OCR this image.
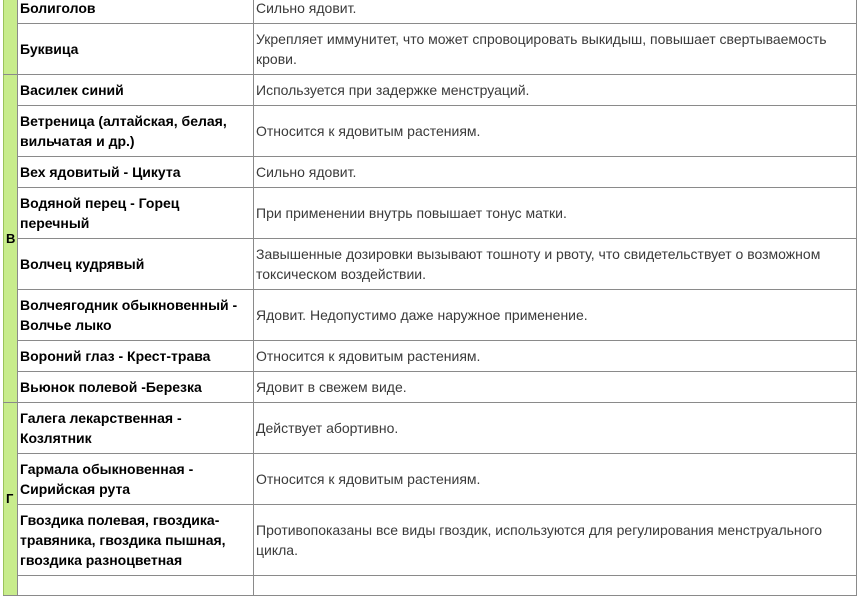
	Болиголов	Сильно ядовит.
	Буквица	Укрепляет иммунитет, что может спровоцировать выкидыш, повышает свертываемость крови.
В	Василек синий	Используется при задержке менструаций.
	Ветреница (алтайская, белая, вильчатая и др.)	Относится к ядовитым растениям.
	Вех ядовитый - Цикута	Сильно ядовит.
	Водяной перец - Горец перечный	При применении внутрь повышает тонус матки.
	Волчец кудрявый	Завышенные дозировки вызывают тошноту и рвоту, что свидетельствует о возможном токсическом воздействии.
	Волчеягодник обыкновенный - Волчье лыко	Ядовит. Недопустимо даже наружное применение.
	Вороний глаз - Крест-трава	Относится к ядовитым растениям.
	Вьюнок полевой -Березка	Ядовит в свежем виде.
Г	Галега лекарственная - Козлятник	Действует абортивно.
	Гармала обыкновенная - Сирийская рута	Относится к ядовитым растениям.
	Гвоздика полевая, гвоздика-травяника, гвоздика пышная, гвоздика разноцветная	Противопоказаны все виды гвоздик, используются для регулирования менструального цикла.
